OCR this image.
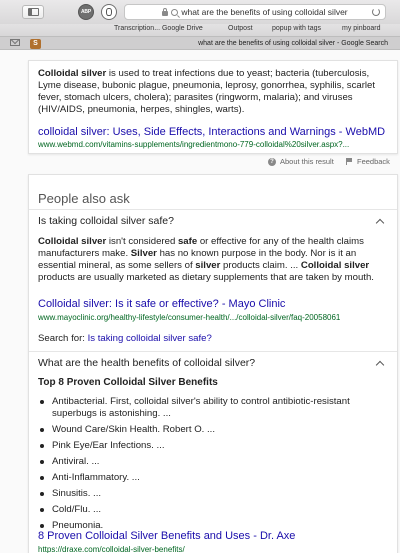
ABP	what are the benefits of using colloidal silver
Transcription... Google Drive	Outpost	popup with tags	my pinboard
S	what are the benefits of using colloidal silver - Google Search

Colloidal silver is used to treat infections due to yeast; bacteria (tuberculosis, Lyme disease, bubonic plague, pneumonia, leprosy, gonorrhea, syphilis, scarlet fever, stomach ulcers, cholera); parasites (ringworm, malaria); and viruses (HIV/AIDS, pneumonia, herpes, shingles, warts).

colloidal silver: Uses, Side Effects, Interactions and Warnings - WebMD
www.webmd.com/vitamins-supplements/ingredientmono-779-colloidal%20silver.aspx?...
? About this result	Feedback
People also ask
Is taking colloidal silver safe?

Colloidal silver isn't considered safe or effective for any of the health claims manufacturers make. Silver has no known purpose in the body. Nor is it an essential mineral, as some sellers of silver products claim. ... Colloidal silver products are usually marketed as dietary supplements that are taken by mouth.

Colloidal silver: Is it safe or effective? - Mayo Clinic
www.mayoclinic.org/healthy-lifestyle/consumer-health/.../colloidal-silver/faq-20058061
Search for: Is taking colloidal silver safe?
What are the health benefits of colloidal silver?
Top 8 Proven Colloidal Silver Benefits
Antibacterial. First, colloidal silver's ability to control antibiotic-resistant superbugs is astonishing. ...
Wound Care/Skin Health. Robert O. ...
Pink Eye/Ear Infections. ...
Antiviral. ...
Anti-Inflammatory. ...
Sinusitis. ...
Cold/Flu. ...
Pneumonia.
8 Proven Colloidal Silver Benefits and Uses - Dr. Axe
https://draxe.com/colloidal-silver-benefits/
